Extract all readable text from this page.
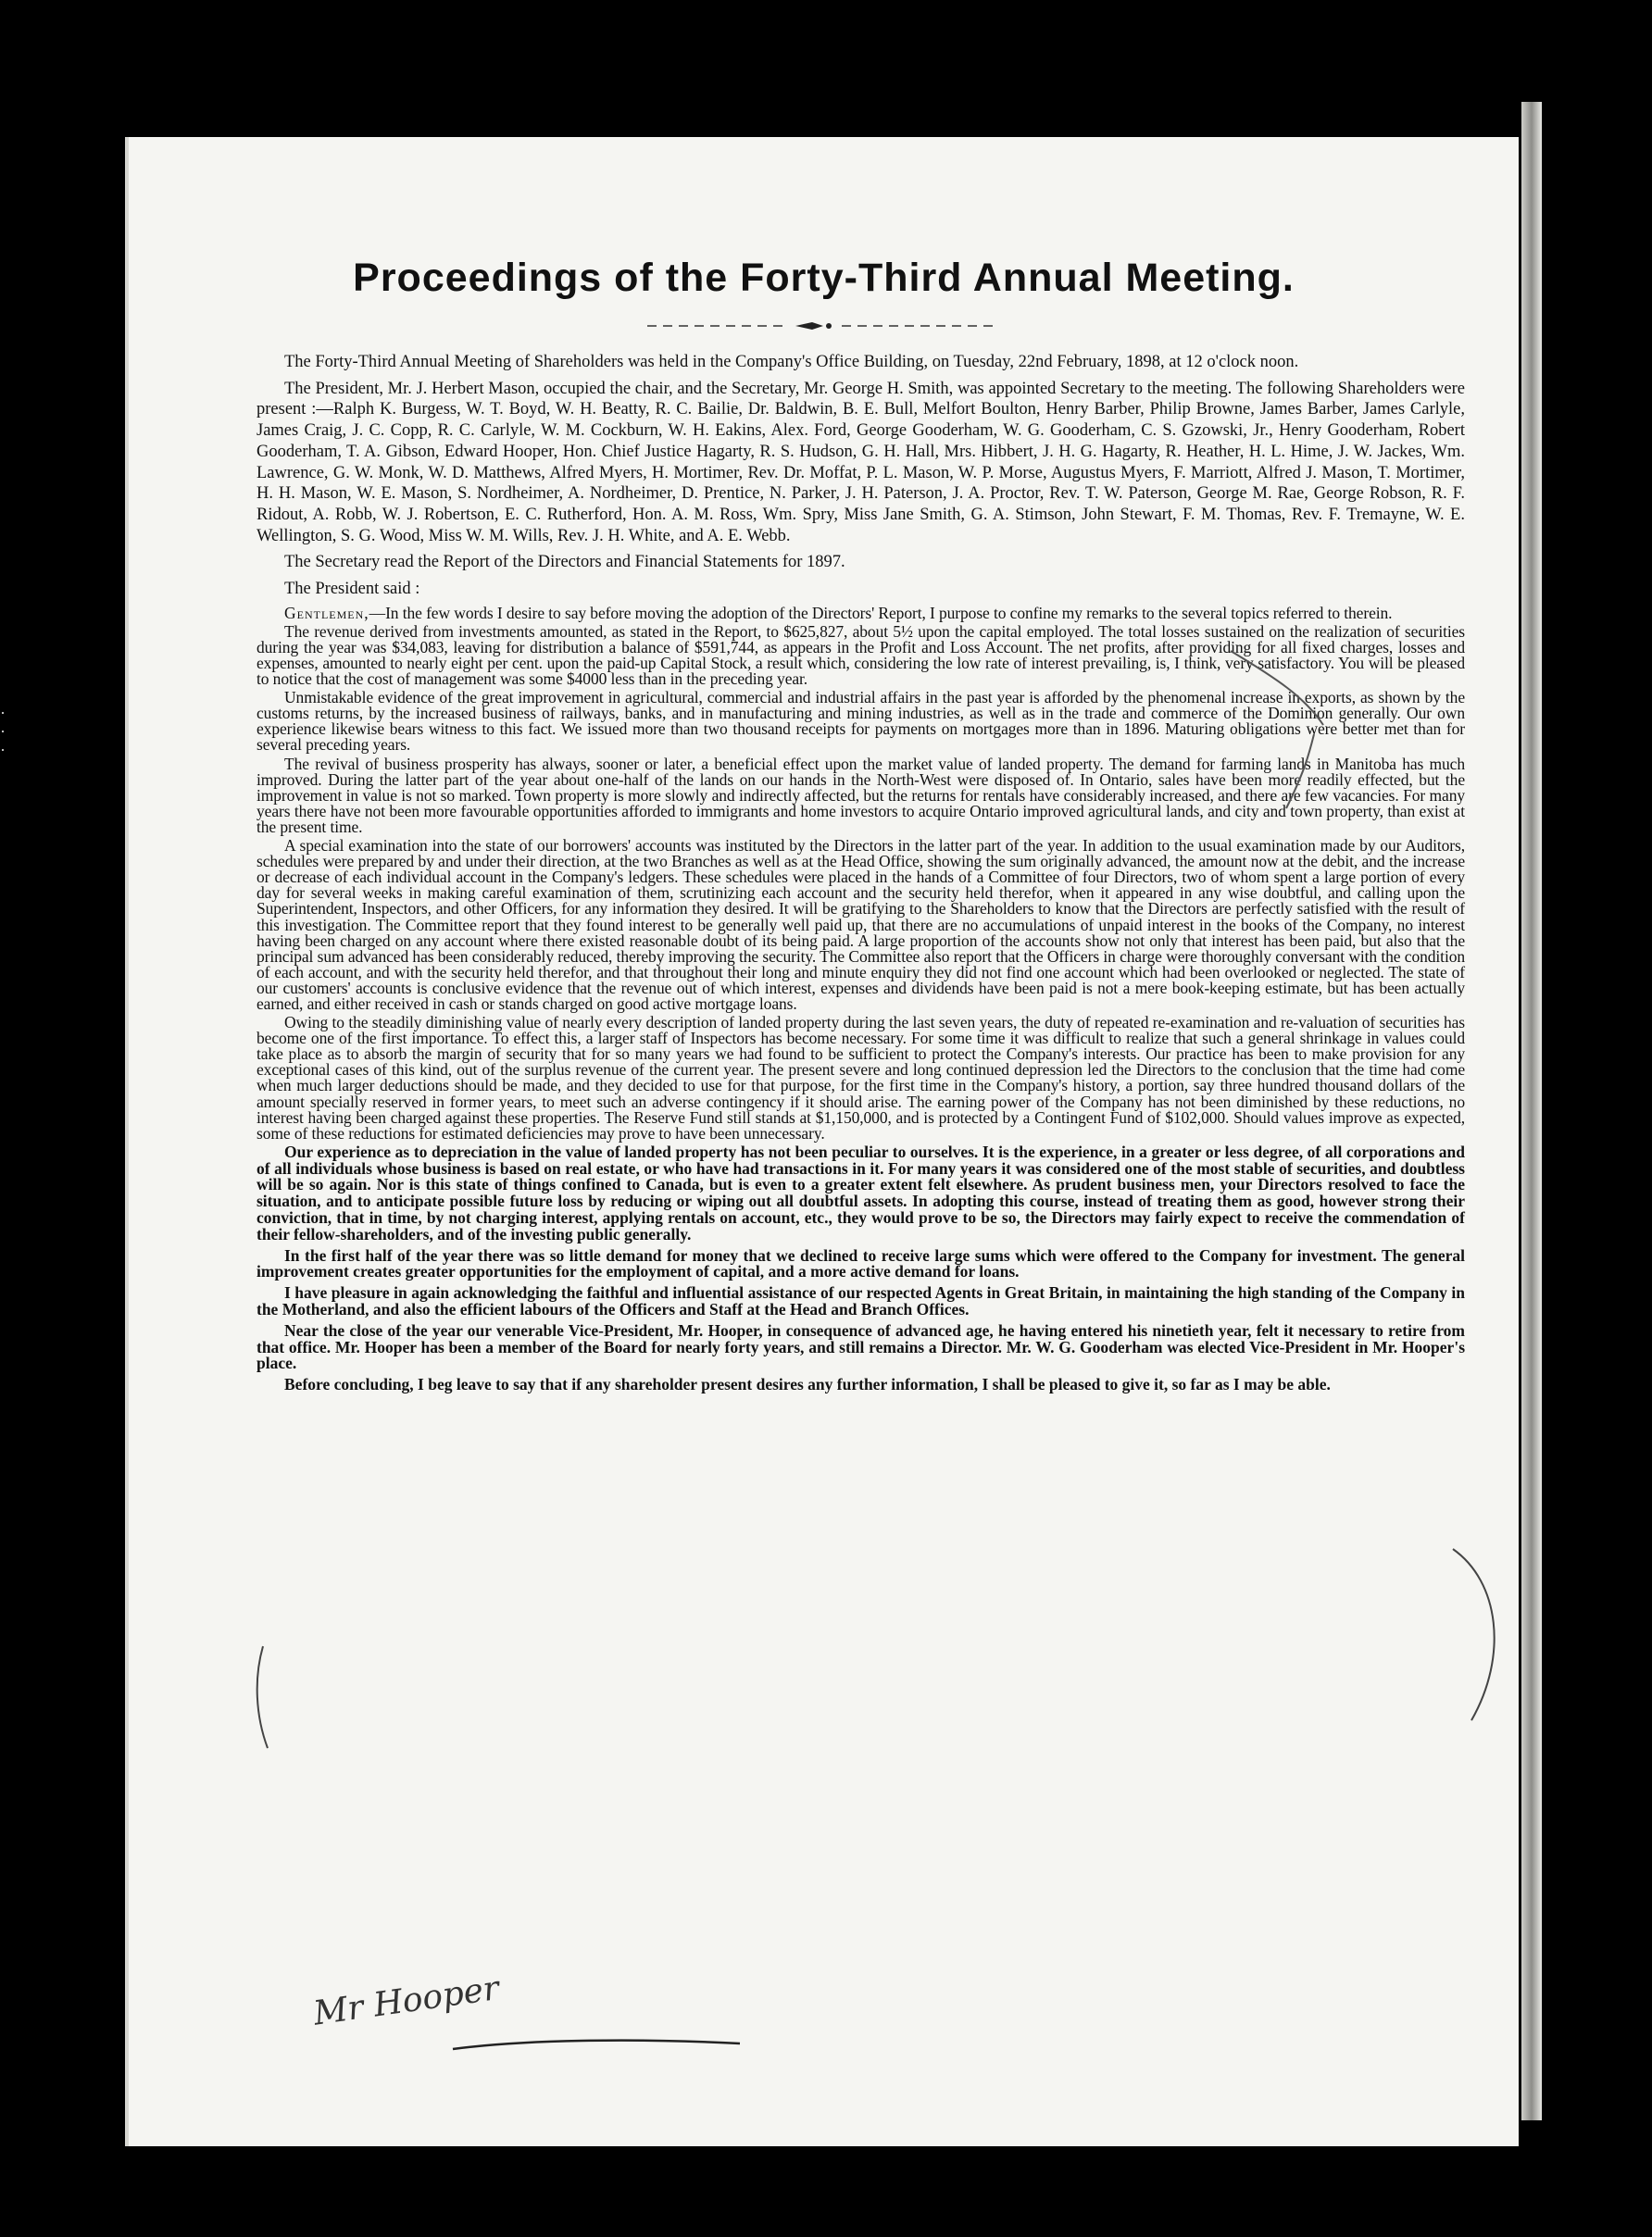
·
·
·
Proceedings of the Forty-Third Annual Meeting.

The Forty-Third Annual Meeting of Shareholders was held in the Company's Office Building, on Tuesday, 22nd February, 1898, at 12 o'clock noon.

The President, Mr. J. Herbert Mason, occupied the chair, and the Secretary, Mr. George H. Smith, was appointed Secretary to the meeting. The following Shareholders were present :—Ralph K. Burgess, W. T. Boyd, W. H. Beatty, R. C. Bailie, Dr. Baldwin, B. E. Bull, Melfort Boulton, Henry Barber, Philip Browne, James Barber, James Carlyle, James Craig, J. C. Copp, R. C. Carlyle, W. M. Cockburn, W. H. Eakins, Alex. Ford, George Gooderham, W. G. Gooderham, C. S. Gzowski, Jr., Henry Gooderham, Robert Gooderham, T. A. Gibson, Edward Hooper, Hon. Chief Justice Hagarty, R. S. Hudson, G. H. Hall, Mrs. Hibbert, J. H. G. Hagarty, R. Heather, H. L. Hime, J. W. Jackes, Wm. Lawrence, G. W. Monk, W. D. Matthews, Alfred Myers, H. Mortimer, Rev. Dr. Moffat, P. L. Mason, W. P. Morse, Augustus Myers, F. Marriott, Alfred J. Mason, T. Mortimer, H. H. Mason, W. E. Mason, S. Nordheimer, A. Nordheimer, D. Prentice, N. Parker, J. H. Paterson, J. A. Proctor, Rev. T. W. Paterson, George M. Rae, George Robson, R. F. Ridout, A. Robb, W. J. Robertson, E. C. Rutherford, Hon. A. M. Ross, Wm. Spry, Miss Jane Smith, G. A. Stimson, John Stewart, F. M. Thomas, Rev. F. Tremayne, W. E. Wellington, S. G. Wood, Miss W. M. Wills, Rev. J. H. White, and A. E. Webb.

The Secretary read the Report of the Directors and Financial Statements for 1897.

The President said :

Gentlemen,—In the few words I desire to say before moving the adoption of the Directors' Report, I purpose to confine my remarks to the several topics referred to therein.

The revenue derived from investments amounted, as stated in the Report, to $625,827, about 5½ upon the capital employed. The total losses sustained on the realization of securities during the year was $34,083, leaving for distribution a balance of $591,744, as appears in the Profit and Loss Account. The net profits, after providing for all fixed charges, losses and expenses, amounted to nearly eight per cent. upon the paid-up Capital Stock, a result which, considering the low rate of interest prevailing, is, I think, very satisfactory. You will be pleased to notice that the cost of management was some $4000 less than in the preceding year.

Unmistakable evidence of the great improvement in agricultural, commercial and industrial affairs in the past year is afforded by the phenomenal increase in exports, as shown by the customs returns, by the increased business of railways, banks, and in manufacturing and mining industries, as well as in the trade and commerce of the Dominion generally. Our own experience likewise bears witness to this fact. We issued more than two thousand receipts for payments on mortgages more than in 1896. Maturing obligations were better met than for several preceding years.

The revival of business prosperity has always, sooner or later, a beneficial effect upon the market value of landed property. The demand for farming lands in Manitoba has much improved. During the latter part of the year about one-half of the lands on our hands in the North-West were disposed of. In Ontario, sales have been more readily effected, but the improvement in value is not so marked. Town property is more slowly and indirectly affected, but the returns for rentals have considerably increased, and there are few vacancies. For many years there have not been more favourable opportunities afforded to immigrants and home investors to acquire Ontario improved agricultural lands, and city and town property, than exist at the present time.

A special examination into the state of our borrowers' accounts was instituted by the Directors in the latter part of the year. In addition to the usual examination made by our Auditors, schedules were prepared by and under their direction, at the two Branches as well as at the Head Office, showing the sum originally advanced, the amount now at the debit, and the increase or decrease of each individual account in the Company's ledgers. These schedules were placed in the hands of a Committee of four Directors, two of whom spent a large portion of every day for several weeks in making careful examination of them, scrutinizing each account and the security held therefor, when it appeared in any wise doubtful, and calling upon the Superintendent, Inspectors, and other Officers, for any information they desired. It will be gratifying to the Shareholders to know that the Directors are perfectly satisfied with the result of this investigation. The Committee report that they found interest to be generally well paid up, that there are no accumulations of unpaid interest in the books of the Company, no interest having been charged on any account where there existed reasonable doubt of its being paid. A large proportion of the accounts show not only that interest has been paid, but also that the principal sum advanced has been considerably reduced, thereby improving the security. The Committee also report that the Officers in charge were thoroughly conversant with the condition of each account, and with the security held therefor, and that throughout their long and minute enquiry they did not find one account which had been overlooked or neglected. The state of our customers' accounts is conclusive evidence that the revenue out of which interest, expenses and dividends have been paid is not a mere book-keeping estimate, but has been actually earned, and either received in cash or stands charged on good active mortgage loans.

Owing to the steadily diminishing value of nearly every description of landed property during the last seven years, the duty of repeated re-examination and re-valuation of securities has become one of the first importance. To effect this, a larger staff of Inspectors has become necessary. For some time it was difficult to realize that such a general shrinkage in values could take place as to absorb the margin of security that for so many years we had found to be sufficient to protect the Company's interests. Our practice has been to make provision for any exceptional cases of this kind, out of the surplus revenue of the current year. The present severe and long continued depression led the Directors to the conclusion that the time had come when much larger deductions should be made, and they decided to use for that purpose, for the first time in the Company's history, a portion, say three hundred thousand dollars of the amount specially reserved in former years, to meet such an adverse contingency if it should arise. The earning power of the Company has not been diminished by these reductions, no interest having been charged against these properties. The Reserve Fund still stands at $1,150,000, and is protected by a Contingent Fund of $102,000. Should values improve as expected, some of these reductions for estimated deficiencies may prove to have been unnecessary.

Our experience as to depreciation in the value of landed property has not been peculiar to ourselves. It is the experience, in a greater or less degree, of all corporations and of all individuals whose business is based on real estate, or who have had transactions in it. For many years it was considered one of the most stable of securities, and doubtless will be so again. Nor is this state of things confined to Canada, but is even to a greater extent felt elsewhere. As prudent business men, your Directors resolved to face the situation, and to anticipate possible future loss by reducing or wiping out all doubtful assets. In adopting this course, instead of treating them as good, however strong their conviction, that in time, by not charging interest, applying rentals on account, etc., they would prove to be so, the Directors may fairly expect to receive the commendation of their fellow-shareholders, and of the investing public generally.

In the first half of the year there was so little demand for money that we declined to receive large sums which were offered to the Company for investment. The general improvement creates greater opportunities for the employment of capital, and a more active demand for loans.

I have pleasure in again acknowledging the faithful and influential assistance of our respected Agents in Great Britain, in maintaining the high standing of the Company in the Motherland, and also the efficient labours of the Officers and Staff at the Head and Branch Offices.

Near the close of the year our venerable Vice-President, Mr. Hooper, in consequence of advanced age, he having entered his ninetieth year, felt it necessary to retire from that office. Mr. Hooper has been a member of the Board for nearly forty years, and still remains a Director. Mr. W. G. Gooderham was elected Vice-President in Mr. Hooper's place.

Before concluding, I beg leave to say that if any shareholder present desires any further information, I shall be pleased to give it, so far as I may be able.

Mr Hooper
